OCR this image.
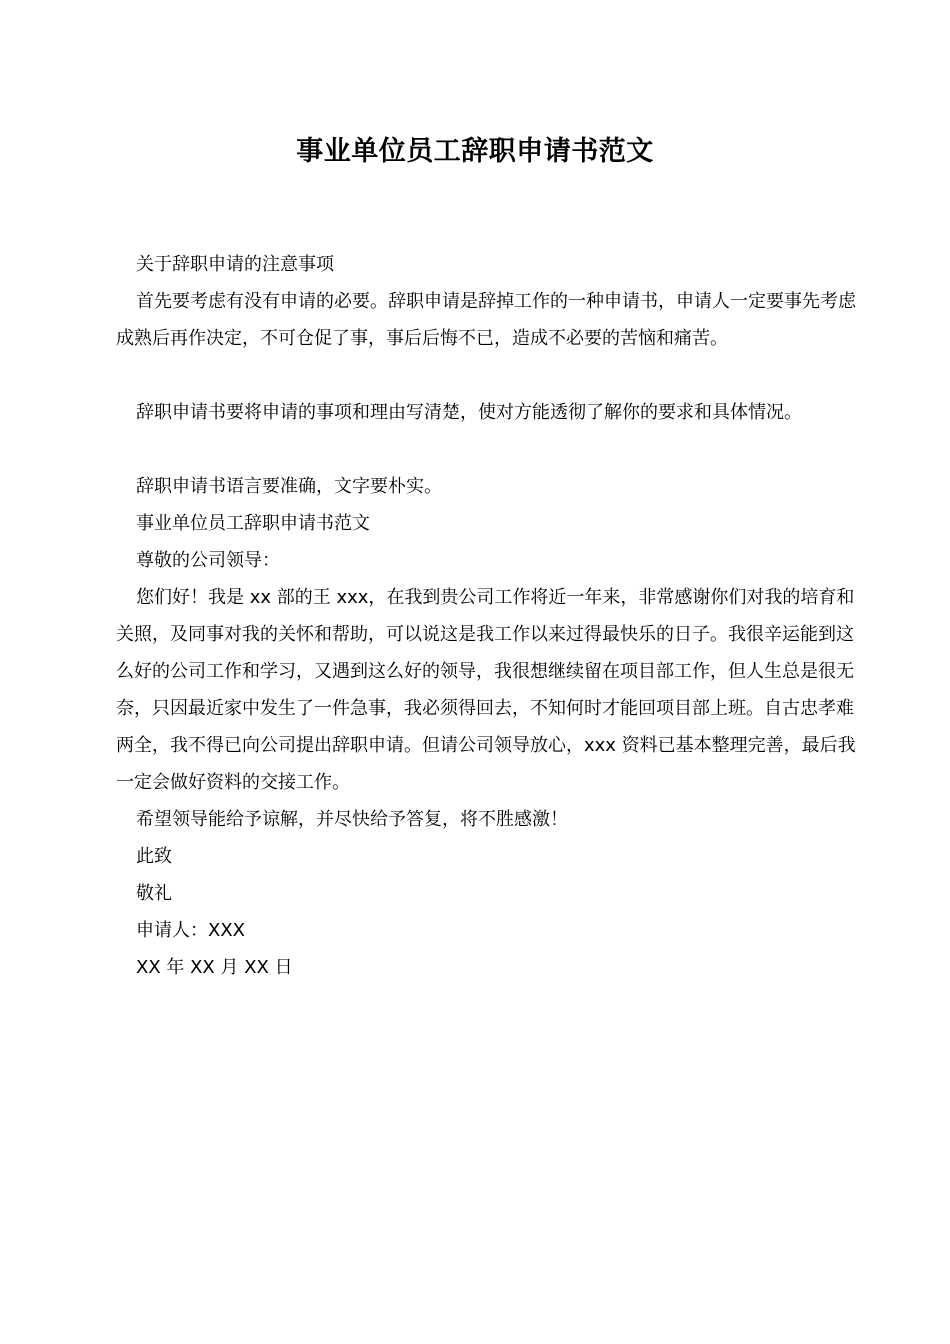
事业单位员工辞职申请书范文

关于辞职申请的注意事项

首先要考虑有没有申请的必要。辞职申请是辞掉工作的一种申请书，申请人一定要事先考虑成熟后再作决定，不可仓促了事，事后后悔不已，造成不必要的苦恼和痛苦。

辞职申请书要将申请的事项和理由写清楚，使对方能透彻了解你的要求和具体情况。

辞职申请书语言要准确，文字要朴实。

事业单位员工辞职申请书范文

尊敬的公司领导：

您们好！我是 xx 部的王 xxx，在我到贵公司工作将近一年来，非常感谢你们对我的培育和关照，及同事对我的关怀和帮助，可以说这是我工作以来过得最快乐的日子。我很辛运能到这么好的公司工作和学习，又遇到这么好的领导，我很想继续留在项目部工作，但人生总是很无奈，只因最近家中发生了一件急事，我必须得回去，不知何时才能回项目部上班。自古忠孝难两全，我不得已向公司提出辞职申请。但请公司领导放心，xxx 资料已基本整理完善，最后我一定会做好资料的交接工作。

希望领导能给予谅解，并尽快给予答复，将不胜感激！

此致

敬礼

申请人：XXX

XX 年 XX 月 XX 日
